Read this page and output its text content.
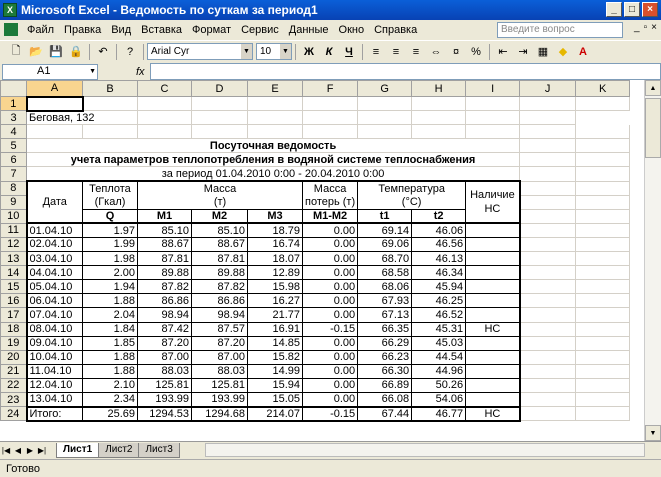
X Microsoft Excel - Ведомость по суткам за период1	_	□	×
Файл Правка Вид Вставка Формат Сервис Данные Окно Справка	Введите вопрос	_ ▫ ×
🗋 📂 💾 🔒	↶	?	Arial Cyr	▼ 10 ▼	Ж	К	Ч	≡	≡	≡	⇔	¤	%	⇤ ⇥ ▦ ◆	A
A1	▼	fx
	A	B	C	D	E	F	G	H	I	J	K
1											
3	Беговая, 132										
4											
5	Посуточная ведомость										
6	учета параметров теплопотребления в водяной системе теплоснабжения										
7	за период 01.04.2010 0:00 - 20.04.2010 0:00										
8	Дата	Теплота	Масса			Масса	Температура		Наличие
НС		
9		(Гкал)	(т)			потерь (т)	(°C)				
10		Q	M1	M2	M3	M1-M2	t1	t2			
11	01.04.10	1.97	85.10	85.10	18.79	0.00	69.14	46.06			
12	02.04.10	1.99	88.67	88.67	16.74	0.00	69.06	46.56			
13	03.04.10	1.98	87.81	87.81	18.07	0.00	68.70	46.13			
14	04.04.10	2.00	89.88	89.88	12.89	0.00	68.58	46.34			
15	05.04.10	1.94	87.82	87.82	15.98	0.00	68.06	45.94			
16	06.04.10	1.88	86.86	86.86	16.27	0.00	67.93	46.25			
17	07.04.10	2.04	98.94	98.94	21.77	0.00	67.13	46.52			
18	08.04.10	1.84	87.42	87.57	16.91	-0.15	66.35	45.31	НС		
19	09.04.10	1.85	87.20	87.20	14.85	0.00	66.29	45.03			
20	10.04.10	1.88	87.00	87.00	15.82	0.00	66.23	44.54			
21	11.04.10	1.88	88.03	88.03	14.99	0.00	66.30	44.96			
22	12.04.10	2.10	125.81	125.81	15.94	0.00	66.89	50.26			
23	13.04.10	2.34	193.99	193.99	15.05	0.00	66.08	54.06			
24	Итого:	25.69	1294.53	1294.68	214.07	-0.15	67.44	46.77	НС		
▲
▼
|◀ ◀ ▶ ▶|	Лист1	Лист2	Лист3
Готово
